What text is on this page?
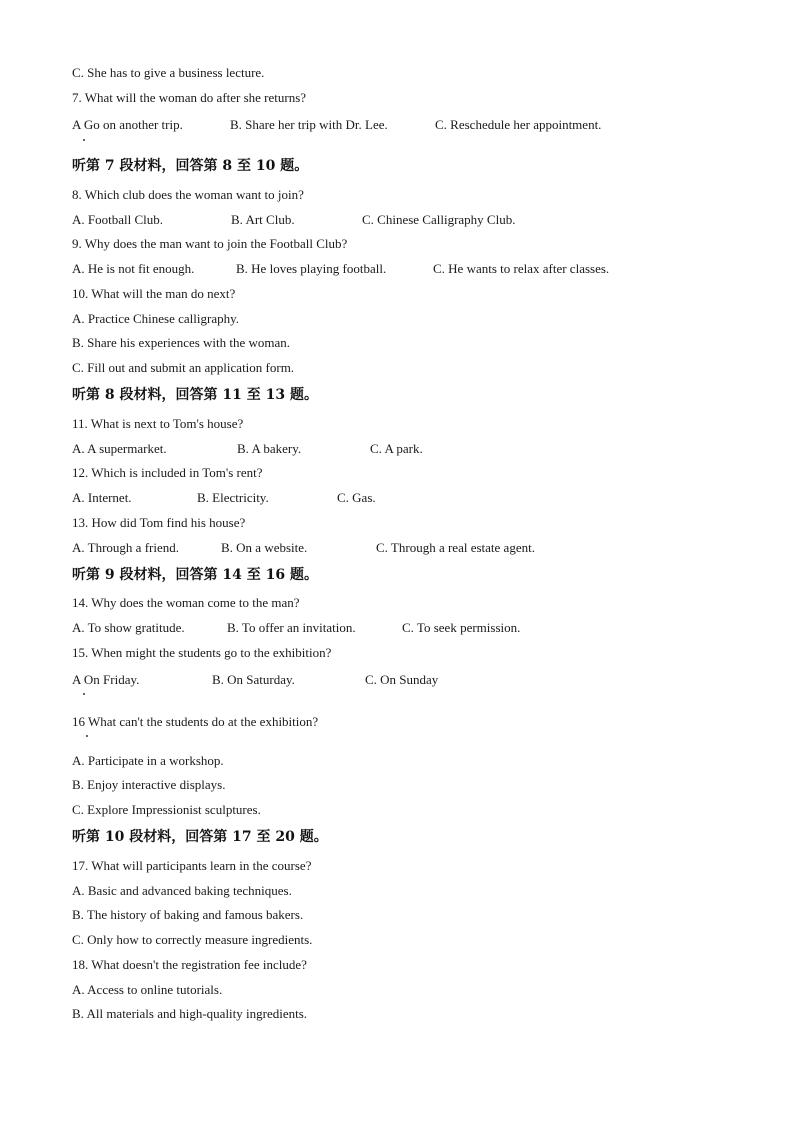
C. She has to give a business lecture.

7. What will the woman do after she returns?

A Go on another trip.	B. Share her trip with Dr. Lee.	C. Reschedule her appointment.

听第 7 段材料，回答第 8 至 10 题。

8. Which club does the woman want to join?

A. Football Club.	B. Art Club.	C. Chinese Calligraphy Club.

9. Why does the man want to join the Football Club?

A. He is not fit enough.	B. He loves playing football.	C. He wants to relax after classes.

10. What will the man do next?

A. Practice Chinese calligraphy.

B. Share his experiences with the woman.

C. Fill out and submit an application form.

听第 8 段材料，回答第 11 至 13 题。

11. What is next to Tom's house?

A. A supermarket.	B. A bakery.	C. A park.

12. Which is included in Tom's rent?

A. Internet.	B. Electricity.	C. Gas.

13. How did Tom find his house?

A. Through a friend.	B. On a website.	C. Through a real estate agent.

听第 9 段材料，回答第 14 至 16 题。

14. Why does the woman come to the man?

A. To show gratitude.	B. To offer an invitation.	C. To seek permission.

15. When might the students go to the exhibition?

A On Friday.	B. On Saturday.	C. On Sunday

16 What can't the students do at the exhibition?

A. Participate in a workshop.

B. Enjoy interactive displays.

C. Explore Impressionist sculptures.

听第 10 段材料，回答第 17 至 20 题。

17. What will participants learn in the course?

A. Basic and advanced baking techniques.

B. The history of baking and famous bakers.

C. Only how to correctly measure ingredients.

18. What doesn't the registration fee include?

A. Access to online tutorials.

B. All materials and high-quality ingredients.
